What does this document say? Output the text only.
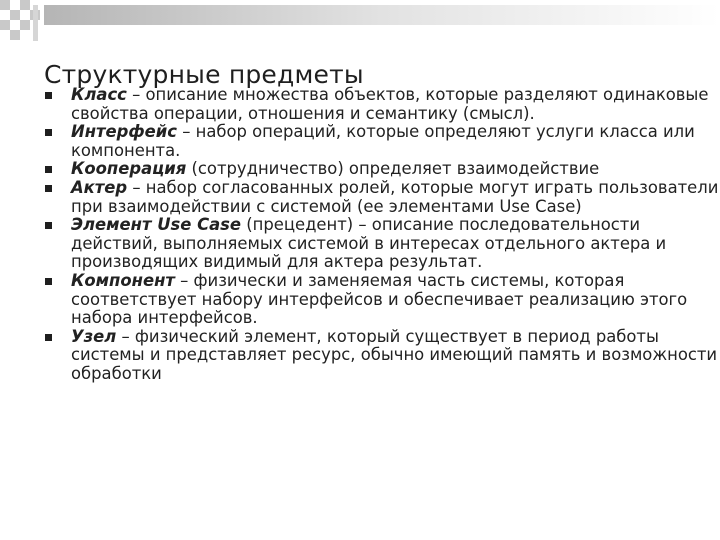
Структурные предметы
Класс – описание множества объектов, которые разделяют одинаковые свойства операции, отношения и семантику (смысл).
Интерфейс – набор операций, которые определяют услуги класса или компонента.
Кооперация (сотрудничество) определяет взаимодействие
Актер – набор согласованных ролей, которые могут играть пользователи при взаимодействии с системой (ее элементами Use Case)
Элемент Use Case (прецедент) – описание последовательности действий, выполняемых системой в интересах отдельного актера и производящих видимый для актера результат.
Компонент – физически и заменяемая часть системы, которая соответствует набору интерфейсов и обеспечивает реализацию этого набора интерфейсов.
Узел – физический элемент, который существует в период работы системы и представляет ресурс, обычно имеющий память и возможности обработки
